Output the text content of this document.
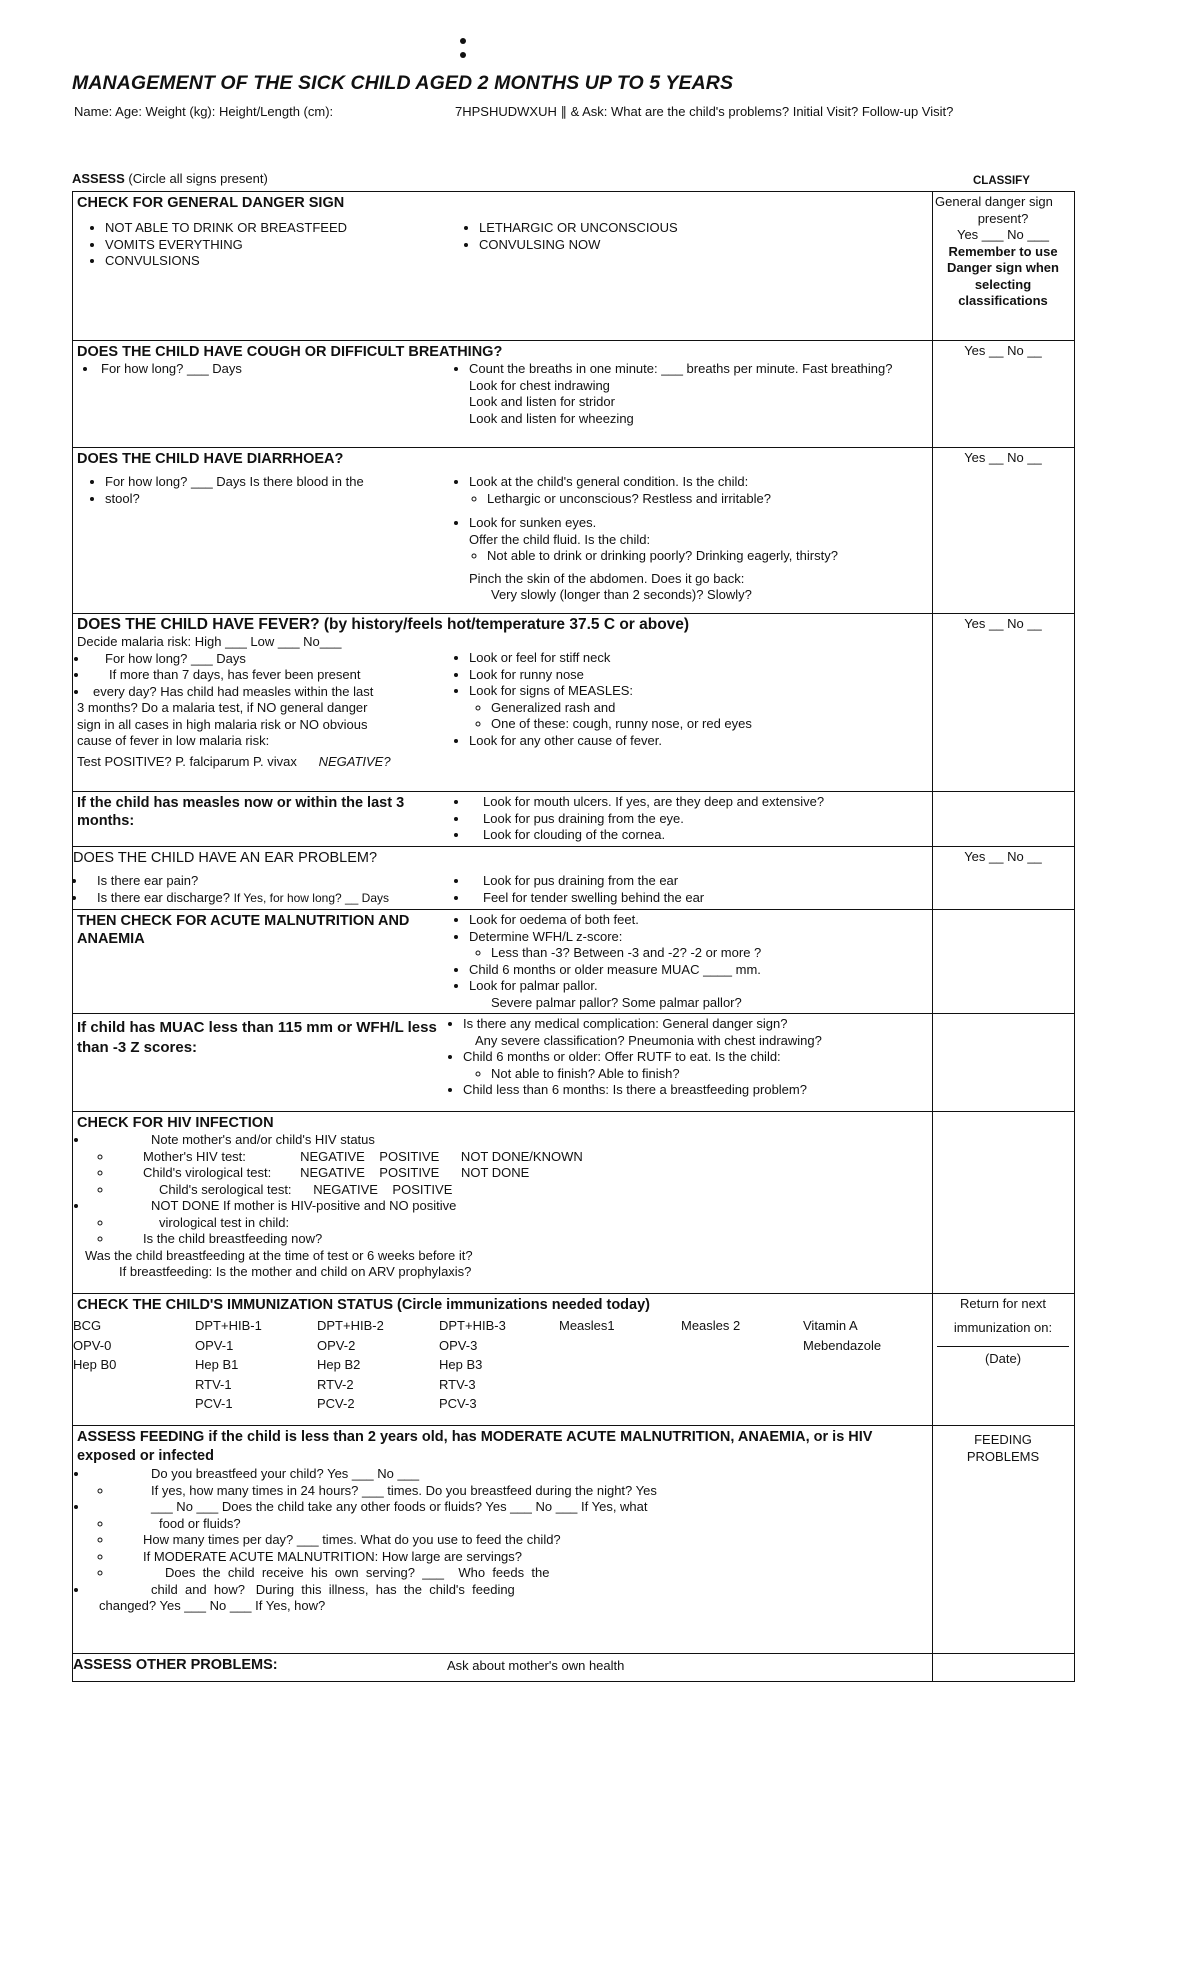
MANAGEMENT OF THE SICK CHILD AGED 2 MONTHS UP TO 5 YEARS
Name: Age: Weight (kg): Height/Length (cm):	7HPSHUDWXUH ∥ & Ask: What are the child's problems? Initial Visit? Follow-up Visit?
ASSESS (Circle all signs present)	CLASSIFY
CHECK FOR GENERAL DANGER SIGN
• NOT ABLE TO DRINK OR BREASTFEED
• VOMITS EVERYTHING
• CONVULSIONS
• LETHARGIC OR UNCONSCIOUS
• CONVULSING NOW
General danger sign
present?
Yes ___ No ___
Remember to use Danger sign when selecting classifications
DOES THE CHILD HAVE COUGH OR DIFFICULT BREATHING?
• For how long? ___ Days
•	Count the breaths in one minute: ___ breaths per minute. Fast breathing?
Look for chest indrawing
Look and listen for stridor
Look and listen for wheezing
Yes __ No __
DOES THE CHILD HAVE DIARRHOEA?
• For how long? ___ Days Is there blood in the
• stool?
• Look at the child's general condition. Is the child:
◦ Lethargic or unconscious? Restless and irritable?
• Look for sunken eyes.
Offer the child fluid. Is the child:
◦ Not able to drink or drinking poorly? Drinking eagerly, thirsty?
Pinch the skin of the abdomen. Does it go back:
Very slowly (longer than 2 seconds)? Slowly?
Yes __ No __
DOES THE CHILD HAVE FEVER? (by history/feels hot/temperature 37.5 C or above)
Decide malaria risk: High ___ Low ___ No___
• For how long? ___ Days
• If more than 7 days, has fever been present
• every day? Has child had measles within the last
3 months? Do a malaria test, if NO general danger
sign in all cases in high malaria risk or NO obvious
cause of fever in low malaria risk:
Test POSITIVE? P. falciparum P. vivax NEGATIVE?
• Look or feel for stiff neck
• Look for runny nose
• Look for signs of MEASLES:
◦ Generalized rash and
◦ One of these: cough, runny nose, or red eyes
• Look for any other cause of fever.
Yes __ No __
If the child has measles now or within the last 3 months:
• Look for mouth ulcers. If yes, are they deep and extensive?
• Look for pus draining from the eye.
• Look for clouding of the cornea.
DOES THE CHILD HAVE AN EAR PROBLEM?
• Is there ear pain?
• Is there ear discharge? If Yes, for how long? __ Days
• Look for pus draining from the ear
• Feel for tender swelling behind the ear
Yes __ No __
THEN CHECK FOR ACUTE MALNUTRITION AND ANAEMIA
• Look for oedema of both feet.
• Determine WFH/L z-score:
◦ Less than -3? Between -3 and -2? -2 or more ?
• Child 6 months or older measure MUAC ____ mm.
• Look for palmar pallor.
Severe palmar pallor? Some palmar pallor?
If child has MUAC less than 115 mm or WFH/L less than -3 Z scores:
• Is there any medical complication: General danger sign?
Any severe classification? Pneumonia with chest indrawing?
• Child 6 months or older: Offer RUTF to eat. Is the child:
◦ Not able to finish? Able to finish?
• Child less than 6 months: Is there a breastfeeding problem?
CHECK FOR HIV INFECTION
• Note mother's and/or child's HIV status
◦ Mother's HIV test:               NEGATIVE    POSITIVE      NOT DONE/KNOWN
◦ Child's virological test:        NEGATIVE    POSITIVE      NOT DONE
◦ Child's serological test:      NEGATIVE    POSITIVE
• NOT DONE If mother is HIV-positive and NO positive
◦ virological test in child:
◦ Is the child breastfeeding now?
Was the child breastfeeding at the time of test or 6 weeks before it?
If breastfeeding: Is the mother and child on ARV prophylaxis?
CHECK THE CHILD'S IMMUNIZATION STATUS (Circle immunizations needed today)
BCG
OPV-0
Hep B0
DPT+HIB-1
OPV-1
Hep B1
RTV-1
PCV-1
DPT+HIB-2
OPV-2
Hep B2
RTV-2
PCV-2
DPT+HIB-3
OPV-3
Hep B3
RTV-3
PCV-3
Measles1	Measles 2	Vitamin A
Mebendazole
Return for next
immunization on:
(Date)
ASSESS FEEDING if the child is less than 2 years old, has MODERATE ACUTE MALNUTRITION, ANAEMIA, or is HIV exposed or infected
• Do you breastfeed your child? Yes ___ No ___
◦ If yes, how many times in 24 hours? ___ times. Do you breastfeed during the night? Yes
• ___ No ___ Does the child take any other foods or fluids? Yes ___ No ___ If Yes, what
◦ food or fluids?
◦ How many times per day? ___ times. What do you use to feed the child?
◦ If MODERATE ACUTE MALNUTRITION: How large are servings?
◦ Does  the  child  receive  his  own  serving?  ___    Who  feeds  the
• child  and  how?   During  this  illness,  has  the  child's  feeding
changed? Yes ___ No ___ If Yes, how?
FEEDING PROBLEMS
ASSESS OTHER PROBLEMS:	Ask about mother's own health
